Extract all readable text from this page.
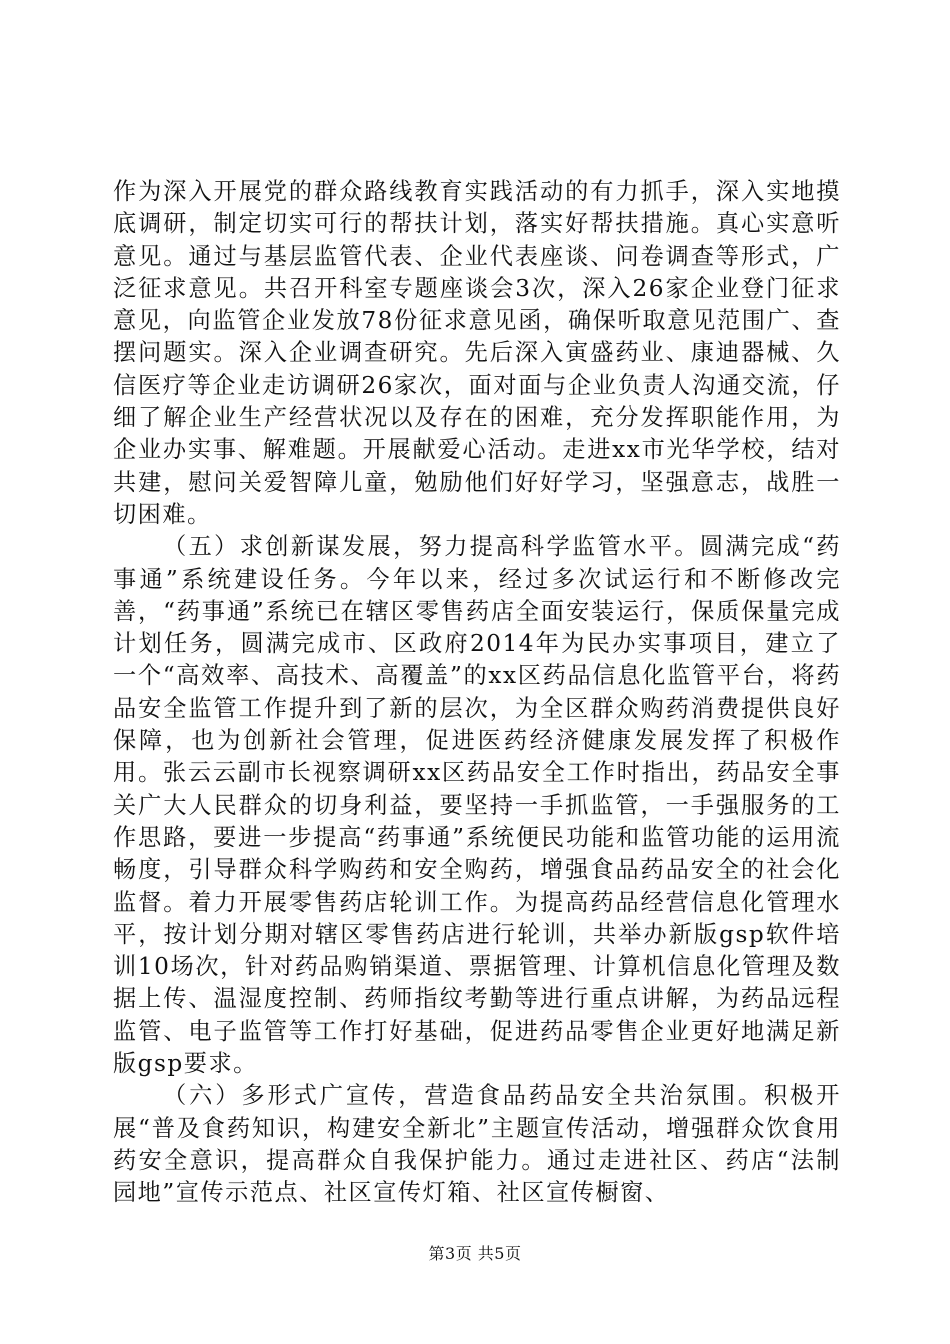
作为深入开展党的群众路线教育实践活动的有力抓手，深入实地摸底调研，制定切实可行的帮扶计划，落实好帮扶措施。真心实意听意见。通过与基层监管代表、企业代表座谈、问卷调查等形式，广泛征求意见。共召开科室专题座谈会3次，深入26家企业登门征求意见，向监管企业发放78份征求意见函，确保听取意见范围广、查摆问题实。深入企业调查研究。先后深入寅盛药业、康迪器械、久信医疗等企业走访调研26家次，面对面与企业负责人沟通交流，仔细了解企业生产经营状况以及存在的困难，充分发挥职能作用，为企业办实事、解难题。开展献爱心活动。走进xx市光华学校，结对共建，慰问关爱智障儿童，勉励他们好好学习，坚强意志，战胜一切困难。

（五）求创新谋发展，努力提高科学监管水平。圆满完成“药事通”系统建设任务。今年以来，经过多次试运行和不断修改完善，“药事通”系统已在辖区零售药店全面安装运行，保质保量完成计划任务，圆满完成市、区政府2014年为民办实事项目，建立了一个“高效率、高技术、高覆盖”的xx区药品信息化监管平台，将药品安全监管工作提升到了新的层次，为全区群众购药消费提供良好保障，也为创新社会管理，促进医药经济健康发展发挥了积极作用。张云云副市长视察调研xx区药品安全工作时指出，药品安全事关广大人民群众的切身利益，要坚持一手抓监管，一手强服务的工作思路，要进一步提高“药事通”系统便民功能和监管功能的运用流畅度，引导群众科学购药和安全购药，增强食品药品安全的社会化监督。着力开展零售药店轮训工作。为提高药品经营信息化管理水平，按计划分期对辖区零售药店进行轮训，共举办新版gsp软件培训10场次，针对药品购销渠道、票据管理、计算机信息化管理及数据上传、温湿度控制、药师指纹考勤等进行重点讲解，为药品远程监管、电子监管等工作打好基础，促进药品零售企业更好地满足新版gsp要求。

（六）多形式广宣传，营造食品药品安全共治氛围。积极开展“普及食药知识，构建安全新北”主题宣传活动，增强群众饮食用药安全意识，提高群众自我保护能力。通过走进社区、药店“法制园地”宣传示范点、社区宣传灯箱、社区宣传橱窗、

第3页 共5页
